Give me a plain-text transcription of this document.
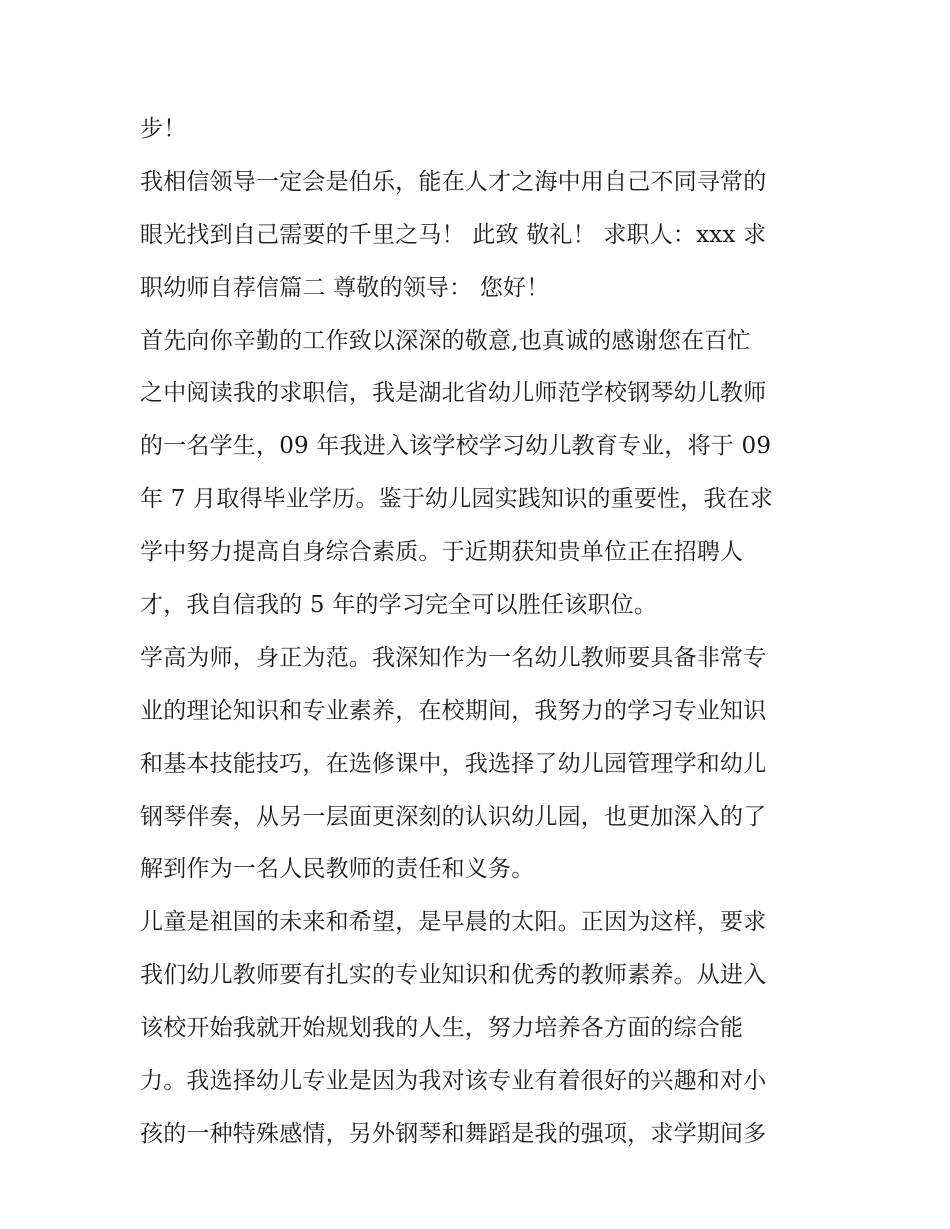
步！
我相信领导一定会是伯乐，能在人才之海中用自己不同寻常的
眼光找到自己需要的千里之马！ 此致 敬礼！ 求职人：xxx 求
职幼师自荐信篇二 尊敬的领导： 您好！
首先向你辛勤的工作致以深深的敬意,也真诚的感谢您在百忙
之中阅读我的求职信，我是湖北省幼儿师范学校钢琴幼儿教师
的一名学生，09 年我进入该学校学习幼儿教育专业，将于 09
年 7 月取得毕业学历。鉴于幼儿园实践知识的重要性，我在求
学中努力提高自身综合素质。于近期获知贵单位正在招聘人
才，我自信我的 5 年的学习完全可以胜任该职位。
学高为师，身正为范。我深知作为一名幼儿教师要具备非常专
业的理论知识和专业素养，在校期间，我努力的学习专业知识
和基本技能技巧，在选修课中，我选择了幼儿园管理学和幼儿
钢琴伴奏，从另一层面更深刻的认识幼儿园，也更加深入的了
解到作为一名人民教师的责任和义务。
儿童是祖国的未来和希望，是早晨的太阳。正因为这样，要求
我们幼儿教师要有扎实的专业知识和优秀的教师素养。从进入
该校开始我就开始规划我的人生，努力培养各方面的综合能
力。我选择幼儿专业是因为我对该专业有着很好的兴趣和对小
孩的一种特殊感情，另外钢琴和舞蹈是我的强项，求学期间多
